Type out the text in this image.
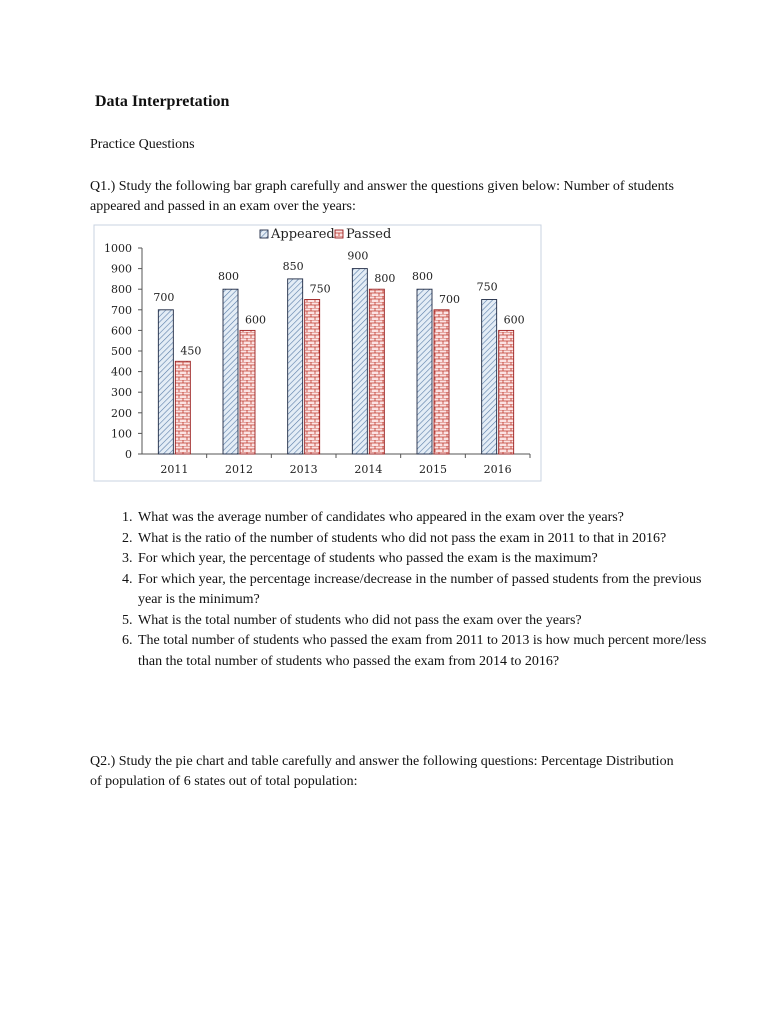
Data Interpretation
Practice Questions
Q1.) Study the following bar graph carefully and answer the questions given below: Number of students appeared and passed in an exam over the years:
0
100
200
300
400
500
600
700
800
900
1000
2011
700
450
2012
800
600
2013
850
750
2014
900
800
2015
800
700
2016
750
600
Appeared Passed
1. What was the average number of candidates who appeared in the exam over the years?
2. What is the ratio of the number of students who did not pass the exam in 2011 to that in 2016?
3. For which year, the percentage of students who passed the exam is the maximum?
4. For which year, the percentage increase/decrease in the number of passed students from the previous year is the minimum?
5. What is the total number of students who did not pass the exam over the years?
6. The total number of students who passed the exam from 2011 to 2013 is how much percent more/less than the total number of students who passed the exam from 2014 to 2016?
Q2.) Study the pie chart and table carefully and answer the following questions: Percentage Distribution of population of 6 states out of total population:
